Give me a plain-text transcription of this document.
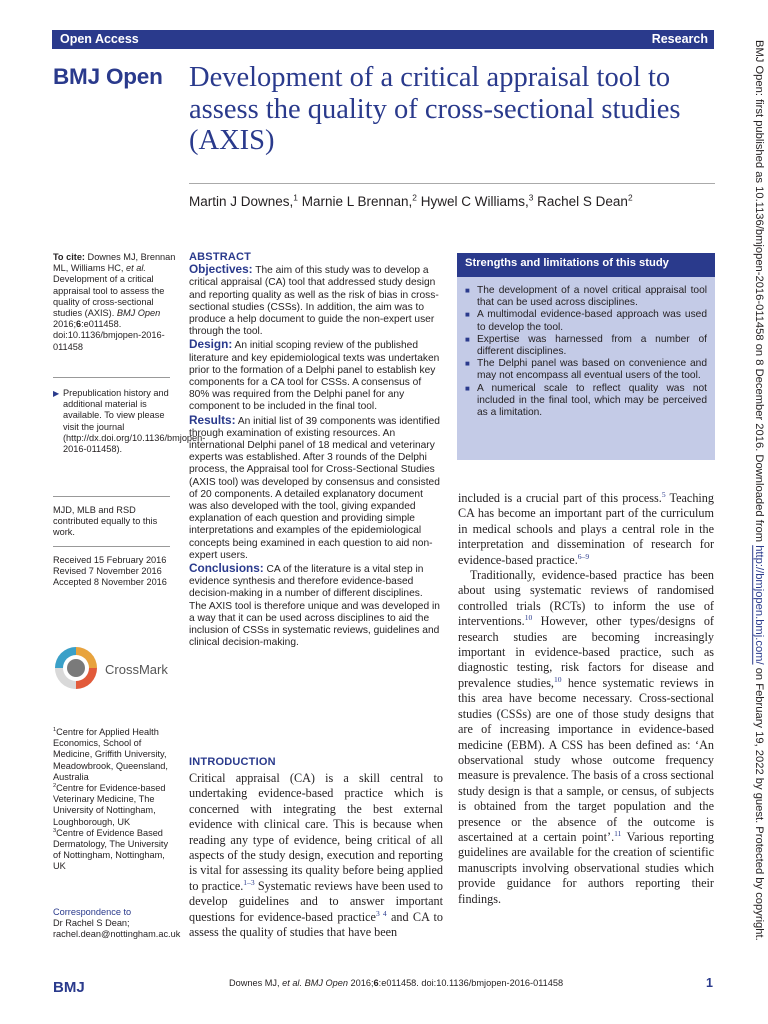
Open Access	Research
BMJ Open Development of a critical appraisal tool to assess the quality of cross-sectional studies (AXIS)
Martin J Downes,$^1$ Marnie L Brennan,$^2$ Hywel C Williams,$^3$ Rachel S Dean$^2$	BMJ Open: first published as 10.1136/bmjopen-2016-011458 on 8 December 2016. Downloaded from http://bmjopen.bmj.com/ on February 19, 2022 by guest. Protected by copyright.

To cite: Downes MJ, Brennan ML, Williams HC, et al. Development of a critical appraisal tool to assess the quality of cross-sectional studies (AXIS). BMJ Open 2016;6:e011458. doi:10.1136/bmjopen-2016-011458

▶ Prepublication history and additional material is available. To view please visit the journal (http://dx.doi.org/10.1136/bmjopen-2016-011458).

MJD, MLB and RSD contributed equally to this work.

Received 15 February 2016

Revised 7 November 2016

Accepted 8 November 2016

CrossMark

$^1$Centre for Applied Health Economics, School of Medicine, Griffith University, Meadowbrook, Queensland, Australia

$^2$Centre for Evidence-based Veterinary Medicine, The University of Nottingham, Loughborough, UK

$^3$Centre of Evidence Based Dermatology, The University of Nottingham, Nottingham, UK

Correspondence to

Dr Rachel S Dean;

rachel.dean@nottingham.ac.uk

ABSTRACT

Objectives: The aim of this study was to develop a critical appraisal (CA) tool that addressed study design and reporting quality as well as the risk of bias in cross-sectional studies (CSSs). In addition, the aim was to produce a help document to guide the non-expert user through the tool.

Design: An initial scoping review of the published literature and key epidemiological texts was undertaken prior to the formation of a Delphi panel to establish key components for a CA tool for CSSs. A consensus of 80% was required from the Delphi panel for any component to be included in the final tool.

Results: An initial list of 39 components was identified through examination of existing resources. An international Delphi panel of 18 medical and veterinary experts was established. After 3 rounds of the Delphi process, the Appraisal tool for Cross-Sectional Studies (AXIS tool) was developed by consensus and consisted of 20 components. A detailed explanatory document was also developed with the tool, giving expanded explanation of each question and providing simple interpretations and examples of the epidemiological concepts being examined in each question to aid non-expert users.

Conclusions: CA of the literature is a vital step in evidence synthesis and therefore evidence-based decision-making in a number of different disciplines. The AXIS tool is therefore unique and was developed in a way that it can be used across disciplines to aid the inclusion of CSSs in systematic reviews, guidelines and clinical decision-making.

Strengths and limitations of this study
■ The development of a novel critical appraisal tool that can be used across disciplines.
■ A multimodal evidence-based approach was used to develop the tool.
■ Expertise was harnessed from a number of different disciplines.
■ The Delphi panel was based on convenience and may not encompass all eventual users of the tool.
■ A numerical scale to reflect quality was not included in the final tool, which may be perceived as a limitation.
INTRODUCTION

Critical appraisal (CA) is a skill central to undertaking evidence-based practice which is concerned with integrating the best external evidence with clinical care. This is because when reading any type of evidence, being critical of all aspects of the study design, execution and reporting is vital for assessing its quality before being applied to practice.$^{1-3}$ Systematic reviews have been used to develop guidelines and to answer important questions for evidence-based practice$^{3 4}$ and CA to assess the quality of studies that have been

included is a crucial part of this process.$^5$ Teaching CA has become an important part of the curriculum in medical schools and plays a central role in the interpretation and dissemination of research for evidence-based practice.$^{6-9}$

Traditionally, evidence-based practice has been about using systematic reviews of randomised controlled trials (RCTs) to inform the use of interventions.$^{10}$ However, other types/designs of research studies are becoming increasingly important in evidence-based practice, such as diagnostic testing, risk factors for disease and prevalence studies,$^{10}$ hence systematic reviews in this area have become necessary. Cross-sectional studies (CSSs) are one of those study designs that are of increasing importance in evidence-based medicine (EBM). A CSS has been defined as: ‘An observational study whose outcome frequency measure is prevalence. The basis of a cross sectional study design is that a sample, or census, of subjects is obtained from the target population and the presence or the absence of the outcome is ascertained at a certain point’.$^{11}$ Various reporting guidelines are available for the creation of scientific manuscripts involving observational studies which provide guidance for authors reporting their findings.

BMJ	Downes MJ, et al. BMJ Open 2016;6:e011458. doi:10.1136/bmjopen-2016-011458	1
